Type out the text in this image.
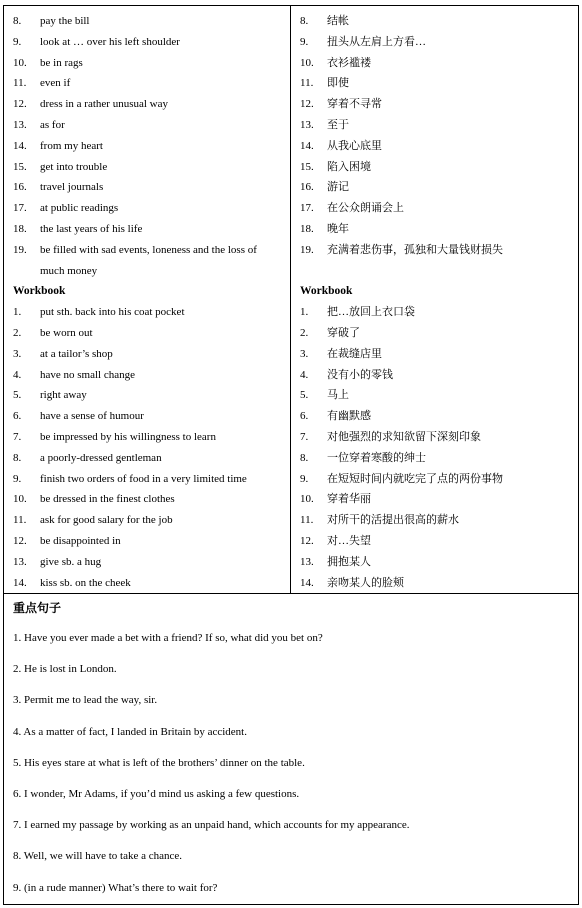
8. pay the bill
9. look at … over his left shoulder
10. be in rags
11. even if
12. dress in a rather unusual way
13. as for
14. from my heart
15. get into trouble
16. travel journals
17. at public readings
18. the last years of his life
19. be filled with sad events, loneness and the loss of
much money
Workbook
1. put sth. back into his coat pocket
2. be worn out
3. at a tailor’s shop
4. have no small change
5. right away
6. have a sense of humour
7. be impressed by his willingness to learn
8. a poorly-dressed gentleman
9. finish two orders of food in a very limited time
10. be dressed in the finest clothes
11. ask for good salary for the job
12. be disappointed in
13. give sb. a hug
14. kiss sb. on the cheek
8. 结帐
9. 扭头从左肩上方看…
10. 衣衫褴褛
11. 即使
12. 穿着不寻常
13. 至于
14. 从我心底里
15. 陷入困境
16. 游记
17. 在公众朗诵会上
18. 晚年
19. 充满着悲伤事，孤独和大量钱财损失
Workbook
1. 把…放回上衣口袋
2. 穿破了
3. 在裁缝店里
4. 没有小的零钱
5. 马上
6. 有幽默感
7. 对他强烈的求知欲留下深刻印象
8. 一位穿着寒酸的绅士
9. 在短短时间内就吃完了点的两份事物
10. 穿着华丽
11. 对所干的活提出很高的薪水
12. 对…失望
13. 拥抱某人
14. 亲吻某人的脸颊
重点句子
1. Have you ever made a bet with a friend? If so, what did you bet on?
2. He is lost in London.
3. Permit me to lead the way, sir.
4. As a matter of fact, I landed in Britain by accident.
5. His eyes stare at what is left of the brothers’ dinner on the table.
6. I wonder, Mr Adams, if you’d mind us asking a few questions.
7. I earned my passage by working as an unpaid hand, which accounts for my appearance.
8. Well, we will have to take a chance.
9. (in a rude manner) What’s there to wait for?
